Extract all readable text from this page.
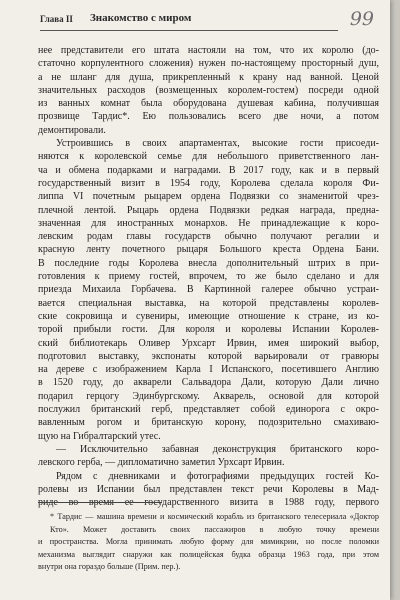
Глава II Знакомство с миром	99
нее представители его штата настояли на том, что их королю (до-
статочно корпулентного сложения) нужен по-настоящему просторный душ,
а не шланг для душа, прикрепленный к крану над ванной. Ценой
значительных расходов (возмещенных королем-гостем) посреди одной
из ванных комнат была оборудована душевая кабина, получившая
прозвище Тардис*. Ею пользовались всего две ночи, а потом
демонтировали.
Устроившись в своих апартаментах, высокие гости присоеди-
няются к королевской семье для небольшого приветственного лан-
ча и обмена подарками и наградами. В 2017 году, как и в первый
государственный визит в 1954 году, Королева сделала короля Фи-
липпа VI почетным рыцарем ордена Подвязки со знаменитой чрез-
плечной лентой. Рыцарь ордена Подвязки редкая награда, предна-
значенная для иностранных монархов. Не принадлежащие к коро-
левским родам главы государств обычно получают регалии и
красную ленту почетного рыцаря Большого креста Ордена Бани.
В последние годы Королева внесла дополнительный штрих в при-
готовления к приему гостей, впрочем, то же было сделано и для
приезда Михаила Горбачева. В Картинной галерее обычно устраи-
вается специальная выставка, на которой представлены королев-
ские сокровища и сувениры, имеющие отношение к стране, из ко-
торой прибыли гости. Для короля и королевы Испании Королев-
ский библиотекарь Оливер Урхсарт Ирвин, имея широкий выбор,
подготовил выставку, экспонаты которой варьировали от гравюры
на дереве с изображением Карла I Испанского, посетившего Англию
в 1520 году, до акварели Сальвадора Дали, которую Дали лично
подарил герцогу Эдинбургскому. Акварель, основой для которой
послужил британский герб, представляет собой единорога с окро-
вавленным рогом и британскую корону, подозрительно смахиваю-
щую на Гибралтарский утес.
— Исключительно забавная деконструкция британского коро-
левского герба, — дипломатично заметил Урхсарт Ирвин.
Рядом с дневниками и фотографиями предыдущих гостей Ко-
ролевы из Испании был представлен текст речи Королевы в Мад-
риде во время ее государственного визита в 1988 году, первого
* Тардис — машина времени и космический корабль из британского телесериала «Доктор Кто». Может доставить своих пассажиров в любую точку времени
и пространства. Могла принимать любую форму для мимикрии, но после поломки
механизма выглядит снаружи как полицейская будка образца 1963 года, при этом
внутри она гораздо больше (Прим. пер.).
